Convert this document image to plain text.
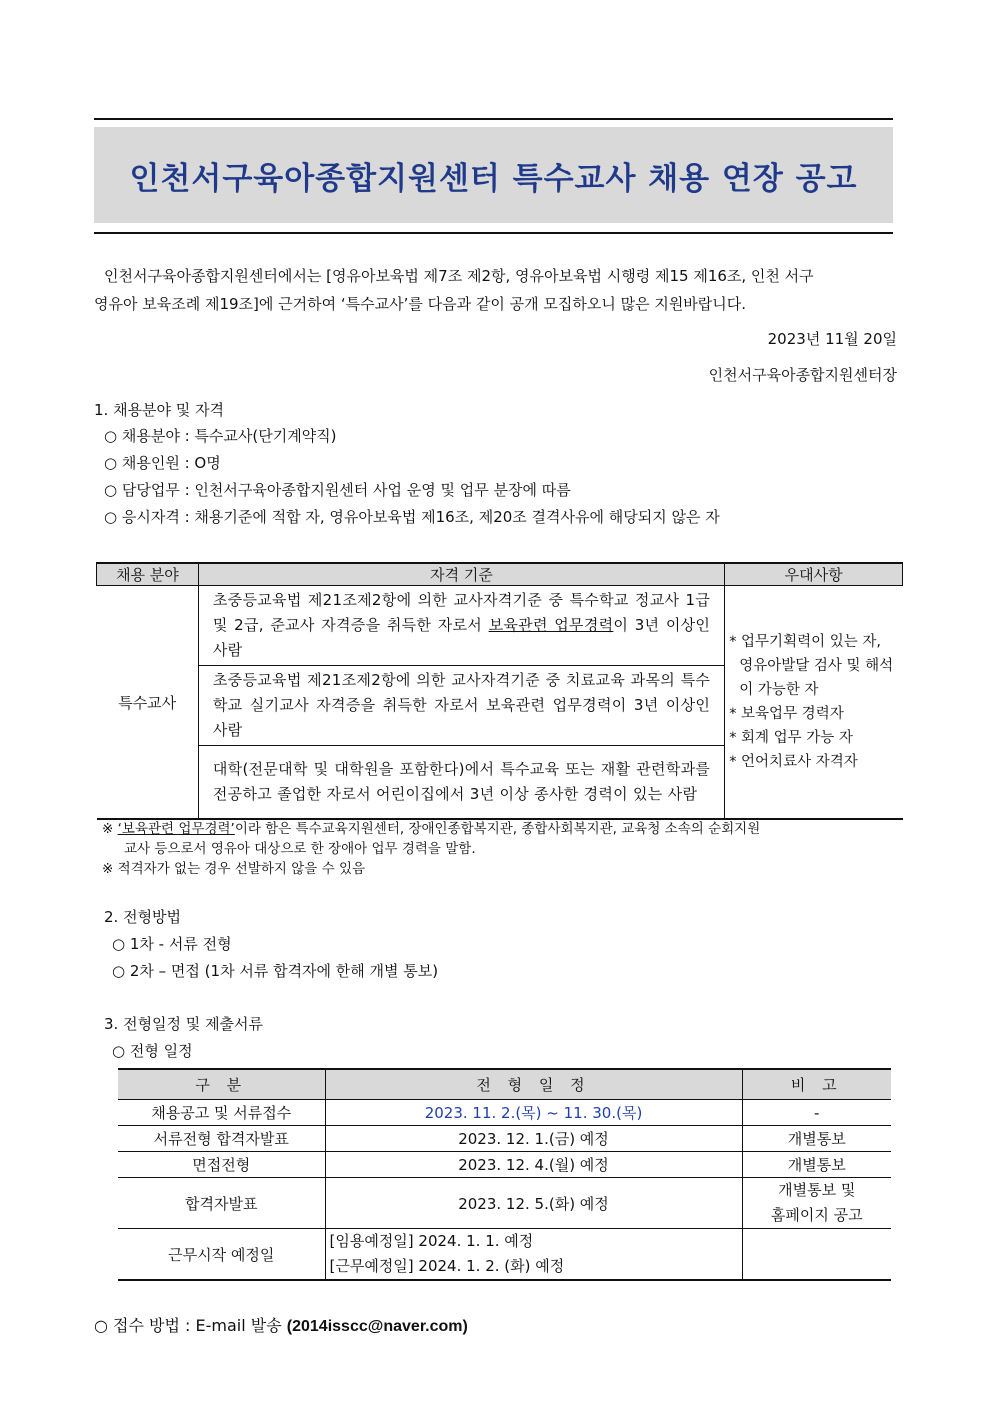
인천서구육아종합지원센터 특수교사 채용 연장 공고
인천서구육아종합지원센터에서는 [영유아보육법 제7조 제2항, 영유아보육법 시행령 제15 제16조, 인천 서구
영유아 보육조례 제19조]에 근거하여 ‘특수교사’를 다음과 같이 공개 모집하오니 많은 지원바랍니다.
2023년 11월 20일
인천서구육아종합지원센터장
1. 채용분야 및 자격
○ 채용분야 : 특수교사(단기계약직)
○ 채용인원 : O명
○ 담당업무 : 인천서구육아종합지원센터 사업 운영 및 업무 분장에 따름
○ 응시자격 : 채용기준에 적합 자, 영유아보육법 제16조, 제20조 결격사유에 해당되지 않은 자
채용 분야	자격 기준	우대사항
특수교사	초중등교육법 제21조제2항에 의한 교사자격기준 중 특수학교 정교사 1급 및 2급, 준교사 자격증을 취득한 자로서 보육관련 업무경력이 3년 이상인 사람	* 업무기획력이 있는 자, 영유아발달 검사 및 해석이 가능한 자
* 보육업무 경력자
* 회계 업무 가능 자
* 언어치료사 자격자

	초중등교육법 제21조제2항에 의한 교사자격기준 중 치료교육 과목의 특수학교 실기교사 자격증을 취득한 자로서 보육관련 업무경력이 3년 이상인 사람	

	대학(전문대학 및 대학원을 포함한다)에서 특수교육 또는 재활 관련학과를 전공하고 졸업한 자로서 어린이집에서 3년 이상 종사한 경력이 있는 사람	
※ ‘보육관련 업무경력’이라 함은 특수교육지원센터, 장애인종합복지관, 종합사회복지관, 교육청 소속의 순회지원
교사 등으로서 영유아 대상으로 한 장애아 업무 경력을 말함.
※ 적격자가 없는 경우 선발하지 않을 수 있음
2. 전형방법
○ 1차 - 서류 전형
○ 2차 – 면접 (1차 서류 합격자에 한해 개별 통보)
3. 전형일정 및 제출서류
○ 전형 일정
구 분	전 형 일 정	비 고
채용공고 및 서류접수	2023. 11. 2.(목) ~ 11. 30.(목)	-
서류전형 합격자발표	2023. 12. 1.(금) 예정	개별통보
면접전형	2023. 12. 4.(월) 예정	개별통보
합격자발표	2023. 12. 5.(화) 예정	개별통보 및
홈페이지 공고

근무시작 예정일	[임용예정일] 2024. 1. 1. 예정
[근무예정일] 2024. 1. 2. (화) 예정	

○ 접수 방법 : E-mail 발송 (2014isscc@naver.com)
